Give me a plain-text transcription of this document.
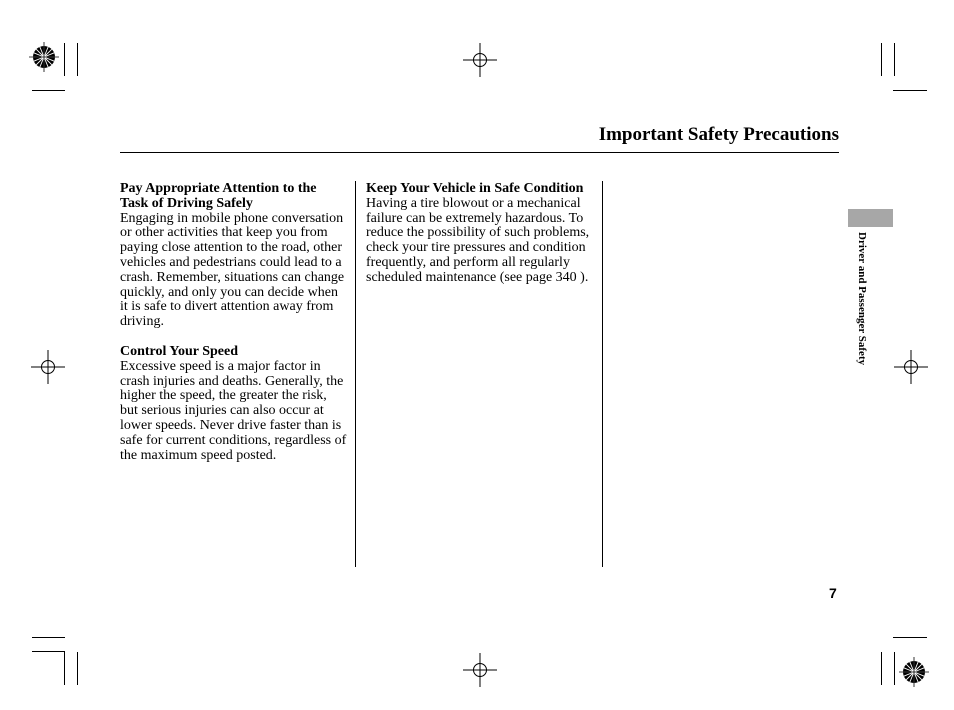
Important Safety Precautions
Pay Appropriate Attention to the Task of Driving Safely

Engaging in mobile phone conversation or other activities that keep you from paying close attention to the road, other vehicles and pedestrians could lead to a crash. Remember, situations can change quickly, and only you can decide when it is safe to divert attention away from driving.

Control Your Speed

Excessive speed is a major factor in crash injuries and deaths. Generally, the higher the speed, the greater the risk, but serious injuries can also occur at lower speeds. Never drive faster than is safe for current conditions, regardless of the maximum speed posted.

Keep Your Vehicle in Safe Condition

Having a tire blowout or a mechanical failure can be extremely hazardous. To reduce the possibility of such problems, check your tire pressures and condition frequently, and perform all regularly scheduled maintenance (see page 340 ).	Driver and Passenger Safety
7
